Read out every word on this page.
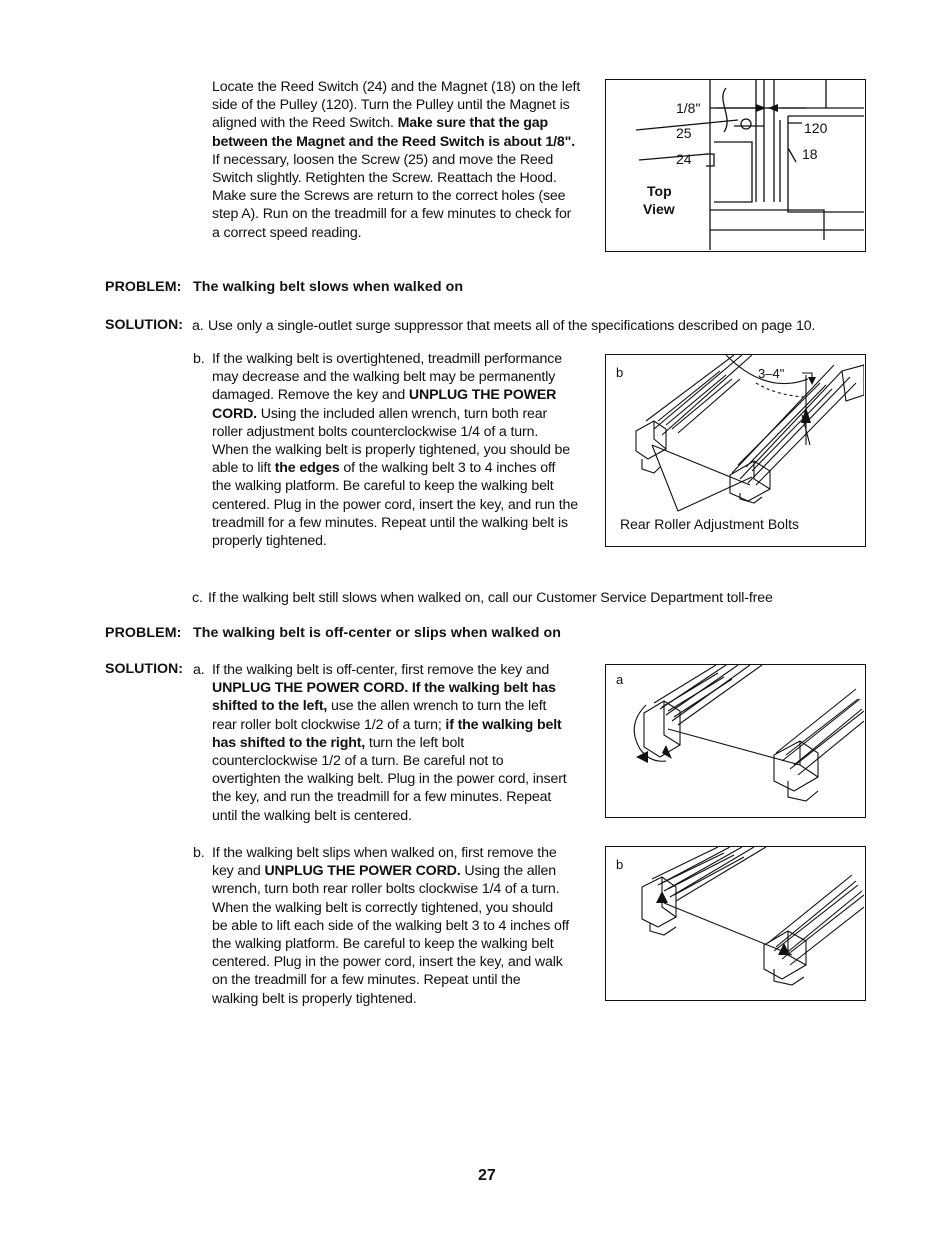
Locate the Reed Switch (24) and the Magnet (18) on the left side of the Pulley (120). Turn the Pulley until the Magnet is aligned with the Reed Switch. Make sure that the gap between the Magnet and the Reed Switch is about 1/8". If necessary, loosen the Screw (25) and move the Reed Switch slightly. Retighten the Screw. Reattach the Hood. Make sure the Screws are return to the correct holes (see step A). Run on the treadmill for a few minutes to check for a correct speed reading.
1/8"
25
24
120
18
Top
View
PROBLEM: The walking belt slows when walked on
SOLUTION: a. Use only a single-outlet surge suppressor that meets all of the specifications described on page 10.
b. If the walking belt is overtightened, treadmill performance may decrease and the walking belt may be permanently damaged. Remove the key and UNPLUG THE POWER CORD. Using the included allen wrench, turn both rear roller adjustment bolts counterclockwise 1/4 of a turn. When the walking belt is properly tightened, you should be able to lift the edges of the walking belt 3 to 4 inches off the walking platform. Be careful to keep the walking belt centered. Plug in the power cord, insert the key, and run the treadmill for a few minutes. Repeat until the walking belt is properly tightened.
b	3–4"
Rear Roller Adjustment Bolts
c. If the walking belt still slows when walked on, call our Customer Service Department toll-free
PROBLEM: The walking belt is off-center or slips when walked on
SOLUTION: a. If the walking belt is off-center, first remove the key and UNPLUG THE POWER CORD. If the walking belt has shifted to the left, use the allen wrench to turn the left rear roller bolt clockwise 1/2 of a turn; if the walking belt has shifted to the right, turn the left bolt counterclockwise 1/2 of a turn. Be careful not to overtighten the walking belt. Plug in the power cord, insert the key, and run the treadmill for a few minutes. Repeat until the walking belt is centered.
a
b. If the walking belt slips when walked on, first remove the key and UNPLUG THE POWER CORD. Using the allen wrench, turn both rear roller bolts clockwise 1/4 of a turn. When the walking belt is correctly tightened, you should be able to lift each side of the walking belt 3 to 4 inches off the walking platform. Be careful to keep the walking belt centered. Plug in the power cord, insert the key, and walk on the treadmill for a few minutes. Repeat until the walking belt is properly tightened.
b
27
